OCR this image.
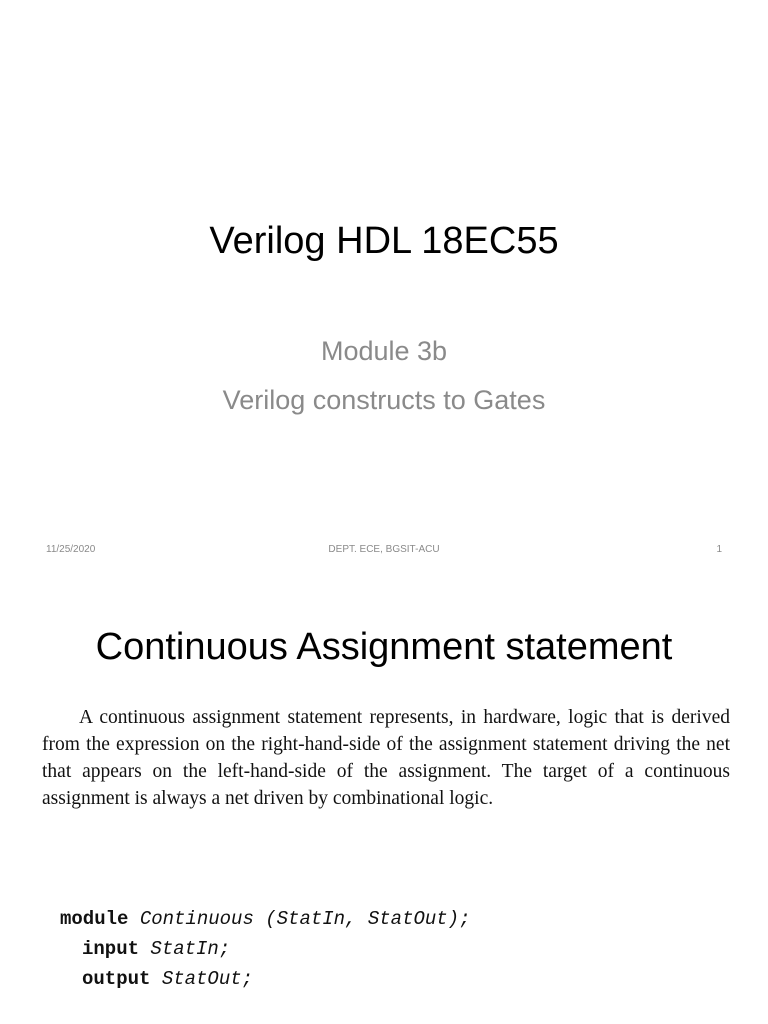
Verilog HDL 18EC55
Module 3b
Verilog constructs to Gates
11/25/2020	DEPT. ECE, BGSIT-ACU	1
Continuous Assignment statement
A continuous assignment statement represents, in hardware, logic that is derived from the expression on the right-hand-side of the assignment statement driving the net that appears on the left-hand-side of the assignment. The target of a continuous assignment is always a net driven by combinational logic.
module Continuous (StatIn, StatOut);
input StatIn;
output StatOut;
